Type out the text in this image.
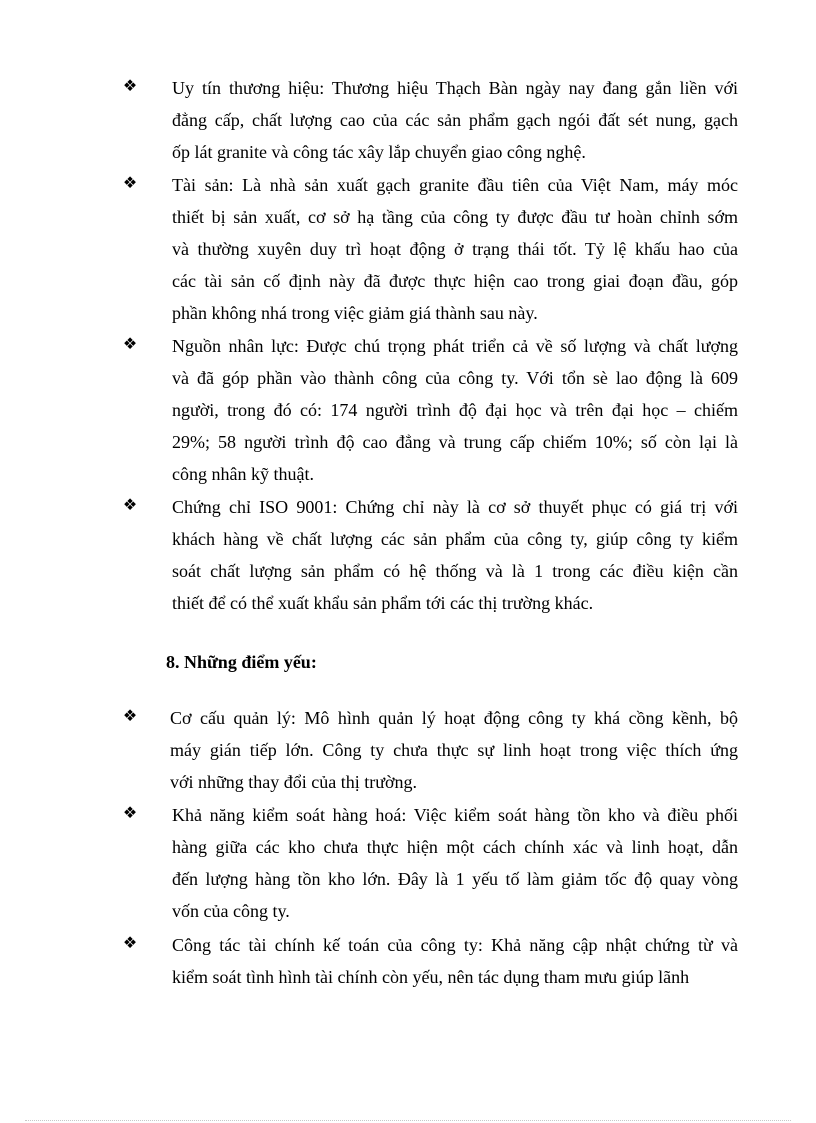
❖ Uy tín thương hiệu: Thương hiệu Thạch Bàn ngày nay đang gắn liền với
đẳng cấp, chất lượng cao của các sản phẩm gạch ngói đất sét nung, gạch
ốp lát granite và công tác xây lắp chuyển giao công nghệ.
❖ Tài sản: Là nhà sản xuất gạch granite đầu tiên của Việt Nam, máy móc
thiết bị sản xuất, cơ sở hạ tầng của công ty được đầu tư hoàn chỉnh sớm
và thường xuyên duy trì hoạt động ở trạng thái tốt. Tỷ lệ khấu hao của
các tài sản cố định này đã được thực hiện cao trong giai đoạn đầu, góp
phần không nhá trong việc giảm giá thành sau này.
❖ Nguồn nhân lực: Được chú trọng phát triển cả về số lượng và chất lượng
và đã góp phần vào thành công của công ty. Với tổn sè lao động là 609
người, trong đó có: 174 người trình độ đại học và trên đại học – chiếm
29%; 58 người trình độ cao đẳng và trung cấp chiếm 10%; số còn lại là
công nhân kỹ thuật.
❖ Chứng chỉ ISO 9001: Chứng chỉ này là cơ sở thuyết phục có giá trị với
khách hàng về chất lượng các sản phẩm của công ty, giúp công ty kiểm
soát chất lượng sản phẩm có hệ thống và là 1 trong các điều kiện cần
thiết để có thể xuất khẩu sản phẩm tới các thị trường khác.
8. Những điểm yếu:
❖ Cơ cấu quản lý: Mô hình quản lý hoạt động công ty khá cồng kềnh, bộ
máy gián tiếp lớn. Công ty chưa thực sự linh hoạt trong việc thích ứng
với những thay đổi của thị trường.
❖ Khả năng kiểm soát hàng hoá: Việc kiểm soát hàng tồn kho và điều phối
hàng giữa các kho chưa thực hiện một cách chính xác và linh hoạt, dẫn
đến lượng hàng tồn kho lớn. Đây là 1 yếu tố làm giảm tốc độ quay vòng
vốn của công ty.
❖ Công tác tài chính kế toán của công ty: Khả năng cập nhật chứng từ và
kiểm soát tình hình tài chính còn yếu, nên tác dụng tham mưu giúp lãnh
